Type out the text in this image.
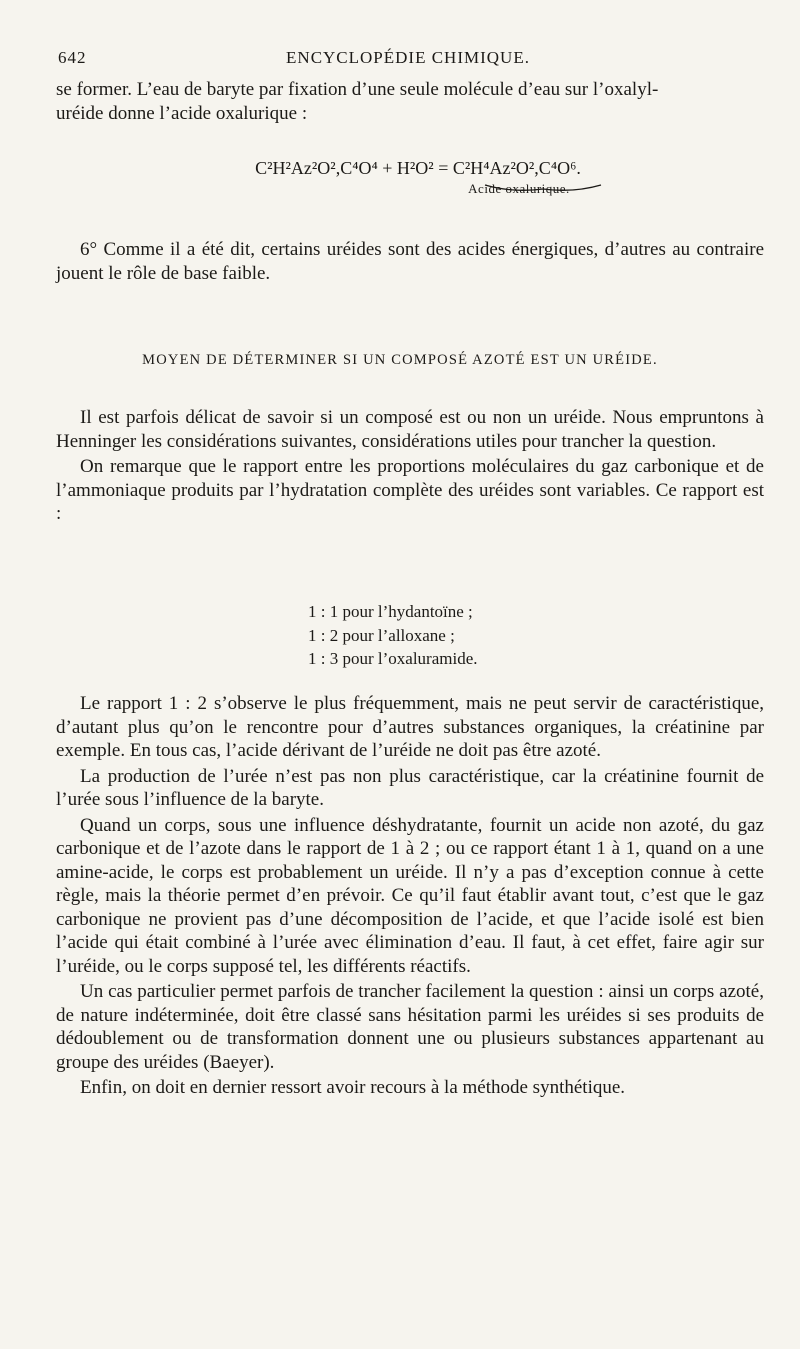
642	ENCYCLOPÉDIE CHIMIQUE.

se former. L’eau de baryte par fixation d’une seule molécule d’eau sur l’oxalyl-

uréide donne l’acide oxalurique :

C²H²Az²O²,C⁴O⁴ + H²O² = C²H⁴Az²O²,C⁴O⁶.
Acide oxalurique.

6° Comme il a été dit, certains uréides sont des acides énergiques, d’autres au contraire jouent le rôle de base faible.

MOYEN DE DÉTERMINER SI UN COMPOSÉ AZOTÉ EST UN URÉIDE.

Il est parfois délicat de savoir si un composé est ou non un uréide. Nous empruntons à Henninger les considérations suivantes, considérations utiles pour trancher la question.

On remarque que le rapport entre les proportions moléculaires du gaz carbonique et de l’ammoniaque produits par l’hydratation complète des uréides sont variables. Ce rapport est :

1 : 1 pour l’hydantoïne ;
1 : 2 pour l’alloxane ;
1 : 3 pour l’oxaluramide.

Le rapport 1 : 2 s’observe le plus fréquemment, mais ne peut servir de caractéristique, d’autant plus qu’on le rencontre pour d’autres substances organiques, la créatinine par exemple. En tous cas, l’acide dérivant de l’uréide ne doit pas être azoté.

La production de l’urée n’est pas non plus caractéristique, car la créatinine fournit de l’urée sous l’influence de la baryte.

Quand un corps, sous une influence déshydratante, fournit un acide non azoté, du gaz carbonique et de l’azote dans le rapport de 1 à 2 ; ou ce rapport étant 1 à 1, quand on a une amine-acide, le corps est probablement un uréide. Il n’y a pas d’exception connue à cette règle, mais la théorie permet d’en prévoir. Ce qu’il faut établir avant tout, c’est que le gaz carbonique ne provient pas d’une décomposition de l’acide, et que l’acide isolé est bien l’acide qui était combiné à l’urée avec élimination d’eau. Il faut, à cet effet, faire agir sur l’uréide, ou le corps supposé tel, les différents réactifs.

Un cas particulier permet parfois de trancher facilement la question : ainsi un corps azoté, de nature indéterminée, doit être classé sans hésitation parmi les uréides si ses produits de dédoublement ou de transformation donnent une ou plusieurs substances appartenant au groupe des uréides (Baeyer).

Enfin, on doit en dernier ressort avoir recours à la méthode synthétique.
